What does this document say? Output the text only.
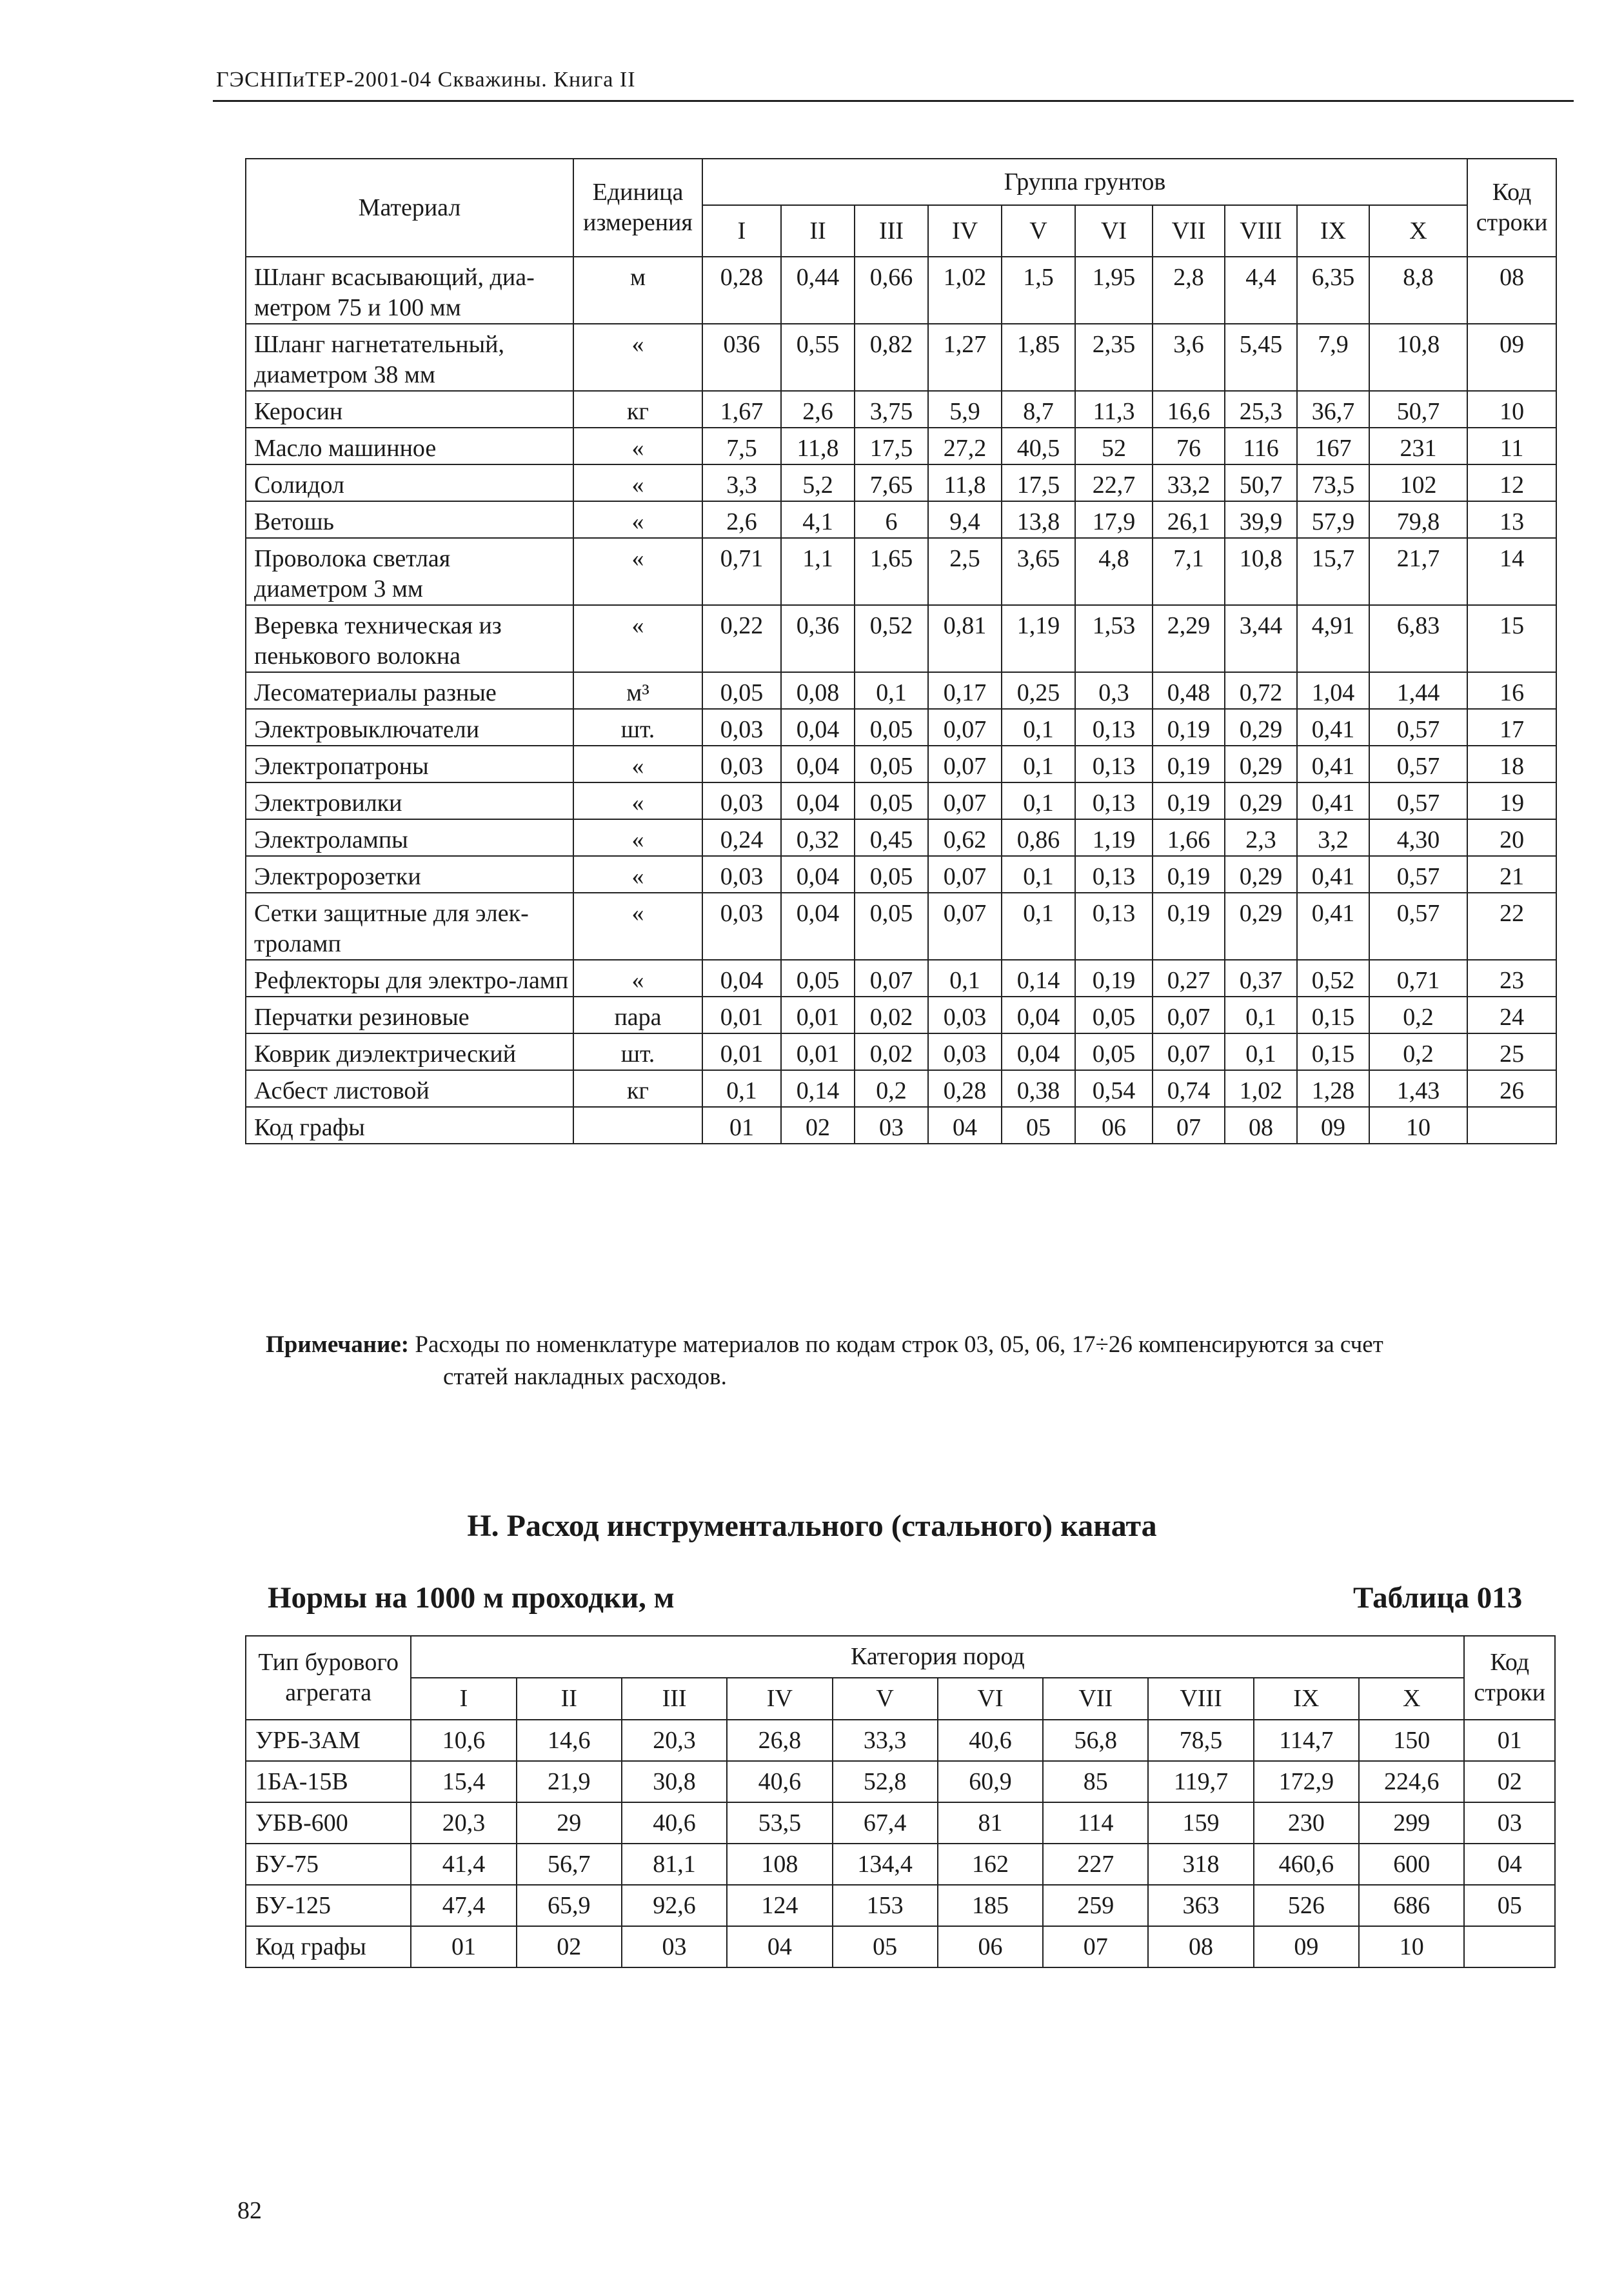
ГЭСНПиТЕР-2001-04 Скважины. Книга II
Материал	Единица измерения	Группа грунтов										Код строки
		I	II	III	IV	V	VI	VII	VIII	IX	X	
Шланг всасывающий, диа-метром 75 и 100 мм	м	0,28	0,44	0,66	1,02	1,5	1,95	2,8	4,4	6,35	8,8	08
Шланг нагнетательный, диаметром 38 мм	«	036	0,55	0,82	1,27	1,85	2,35	3,6	5,45	7,9	10,8	09
Керосин	кг	1,67	2,6	3,75	5,9	8,7	11,3	16,6	25,3	36,7	50,7	10
Масло машинное	«	7,5	11,8	17,5	27,2	40,5	52	76	116	167	231	11
Солидол	«	3,3	5,2	7,65	11,8	17,5	22,7	33,2	50,7	73,5	102	12
Ветошь	«	2,6	4,1	6	9,4	13,8	17,9	26,1	39,9	57,9	79,8	13
Проволока светлая диаметром 3 мм	«	0,71	1,1	1,65	2,5	3,65	4,8	7,1	10,8	15,7	21,7	14
Веревка техническая из пенькового волокна	«	0,22	0,36	0,52	0,81	1,19	1,53	2,29	3,44	4,91	6,83	15
Лесоматериалы разные	м³	0,05	0,08	0,1	0,17	0,25	0,3	0,48	0,72	1,04	1,44	16
Электровыключатели	шт.	0,03	0,04	0,05	0,07	0,1	0,13	0,19	0,29	0,41	0,57	17
Электропатроны	«	0,03	0,04	0,05	0,07	0,1	0,13	0,19	0,29	0,41	0,57	18
Электровилки	«	0,03	0,04	0,05	0,07	0,1	0,13	0,19	0,29	0,41	0,57	19
Электролампы	«	0,24	0,32	0,45	0,62	0,86	1,19	1,66	2,3	3,2	4,30	20
Электророзетки	«	0,03	0,04	0,05	0,07	0,1	0,13	0,19	0,29	0,41	0,57	21
Сетки защитные для элек-троламп	«	0,03	0,04	0,05	0,07	0,1	0,13	0,19	0,29	0,41	0,57	22
Рефлекторы для электро-ламп	«	0,04	0,05	0,07	0,1	0,14	0,19	0,27	0,37	0,52	0,71	23
Перчатки резиновые	пара	0,01	0,01	0,02	0,03	0,04	0,05	0,07	0,1	0,15	0,2	24
Коврик диэлектрический	шт.	0,01	0,01	0,02	0,03	0,04	0,05	0,07	0,1	0,15	0,2	25
Асбест листовой	кг	0,1	0,14	0,2	0,28	0,38	0,54	0,74	1,02	1,28	1,43	26
Код графы		01	02	03	04	05	06	07	08	09	10	
Примечание: Расходы по номенклатуре материалов по кодам строк 03, 05, 06, 17÷26 компенсируются за счет
статей накладных расходов.
Н. Расход инструментального (стального) каната
Нормы на 1000 м проходки, м	Таблица 013
Тип бурового агрегата	Категория пород										Код строки
	I	II	III	IV	V	VI	VII	VIII	IX	X	
УРБ-3АМ	10,6	14,6	20,3	26,8	33,3	40,6	56,8	78,5	114,7	150	01
1БА-15В	15,4	21,9	30,8	40,6	52,8	60,9	85	119,7	172,9	224,6	02
УБВ-600	20,3	29	40,6	53,5	67,4	81	114	159	230	299	03
БУ-75	41,4	56,7	81,1	108	134,4	162	227	318	460,6	600	04
БУ-125	47,4	65,9	92,6	124	153	185	259	363	526	686	05
Код графы	01	02	03	04	05	06	07	08	09	10	
82
